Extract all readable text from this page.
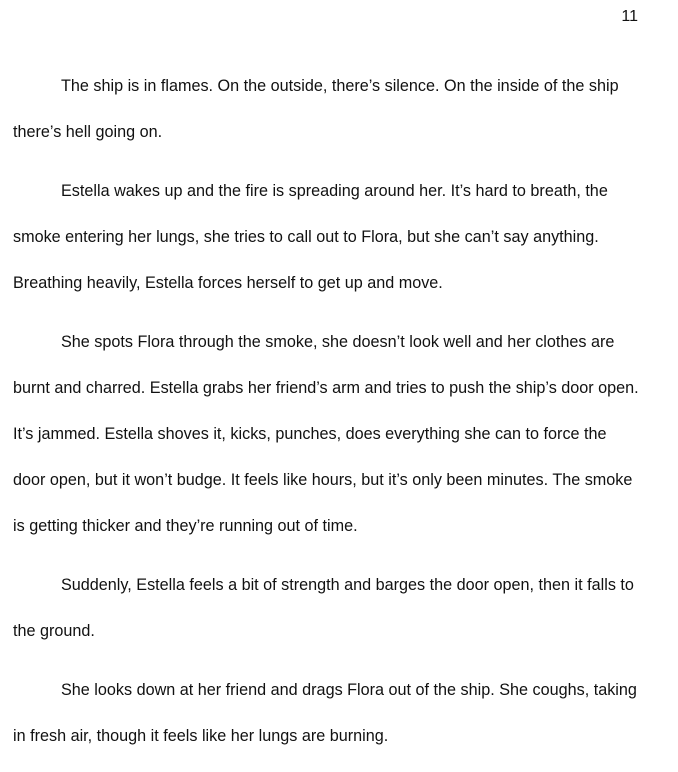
11

The ship is in flames. On the outside, there’s silence. On the inside of the ship there’s hell going on.

Estella wakes up and the fire is spreading around her. It’s hard to breath, the smoke entering her lungs, she tries to call out to Flora, but she can’t say anything. Breathing heavily, Estella forces herself to get up and move.

She spots Flora through the smoke, she doesn’t look well and her clothes are burnt and charred. Estella grabs her friend’s arm and tries to push the ship’s door open. It’s jammed. Estella shoves it, kicks, punches, does everything she can to force the door open, but it won’t budge. It feels like hours, but it’s only been minutes. The smoke is getting thicker and they’re running out of time.

Suddenly, Estella feels a bit of strength and barges the door open, then it falls to the ground.

She looks down at her friend and drags Flora out of the ship. She coughs, taking in fresh air, though it feels like her lungs are burning.
